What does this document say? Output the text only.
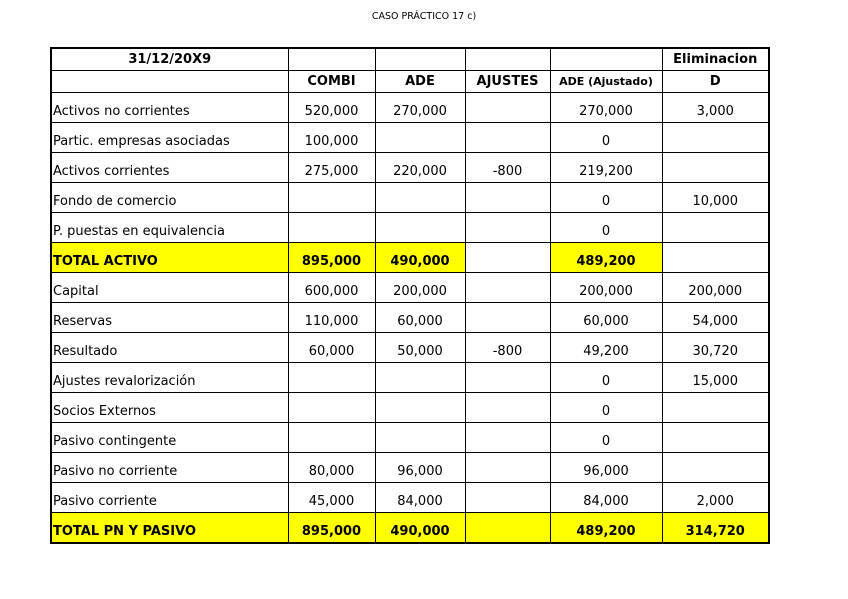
CASO PRÁCTICO 17 c)
31/12/20X9					Eliminacion
	COMBI	ADE	AJUSTES	ADE (Ajustado)	D
Activos no corrientes	520,000	270,000		270,000	3,000
Partic. empresas asociadas	100,000			0	
Activos corrientes	275,000	220,000	-800	219,200	
Fondo de comercio				0	10,000
P. puestas en equivalencia				0	
TOTAL ACTIVO	895,000	490,000		489,200	
Capital	600,000	200,000		200,000	200,000
Reservas	110,000	60,000		60,000	54,000
Resultado	60,000	50,000	-800	49,200	30,720
Ajustes revalorización				0	15,000
Socios Externos				0	
Pasivo contingente				0	
Pasivo no corriente	80,000	96,000		96,000	
Pasivo corriente	45,000	84,000		84,000	2,000
TOTAL PN Y PASIVO	895,000	490,000		489,200	314,720
